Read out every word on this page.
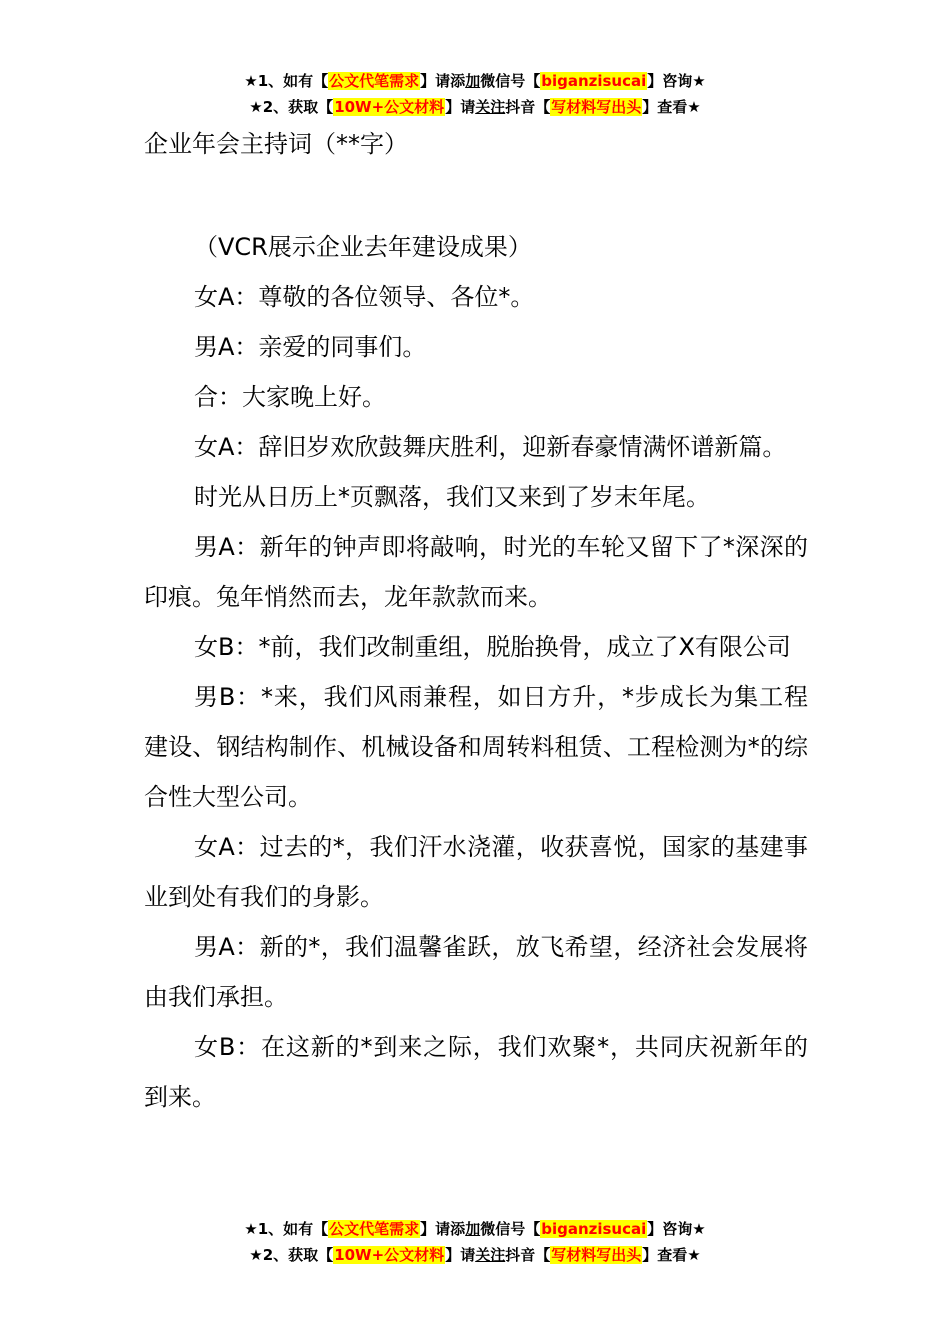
★1、如有【公文代笔需求】请添加微信号【biganzisucai】咨询★
★2、获取【10W+公文材料】请关注抖音【写材料写出头】查看★
企业年会主持词（**字）

（VCR展示企业去年建设成果）

女A：尊敬的各位领导、各位*。

男A：亲爱的同事们。

合：大家晚上好。

女A：辞旧岁欢欣鼓舞庆胜利，迎新春豪情满怀谱新篇。

时光从日历上*页飘落，我们又来到了岁末年尾。

男A：新年的钟声即将敲响，时光的车轮又留下了*深深的印痕。兔年悄然而去，龙年款款而来。

女B：*前，我们改制重组，脱胎换骨，成立了X有限公司

男B：*来，我们风雨兼程，如日方升，*步成长为集工程建设、钢结构制作、机械设备和周转料租赁、工程检测为*的综合性大型公司。

女A：过去的*，我们汗水浇灌，收获喜悦，国家的基建事业到处有我们的身影。

男A：新的*，我们温馨雀跃，放飞希望，经济社会发展将由我们承担。

女B：在这新的*到来之际，我们欢聚*，共同庆祝新年的到来。

★1、如有【公文代笔需求】请添加微信号【biganzisucai】咨询★
★2、获取【10W+公文材料】请关注抖音【写材料写出头】查看★
